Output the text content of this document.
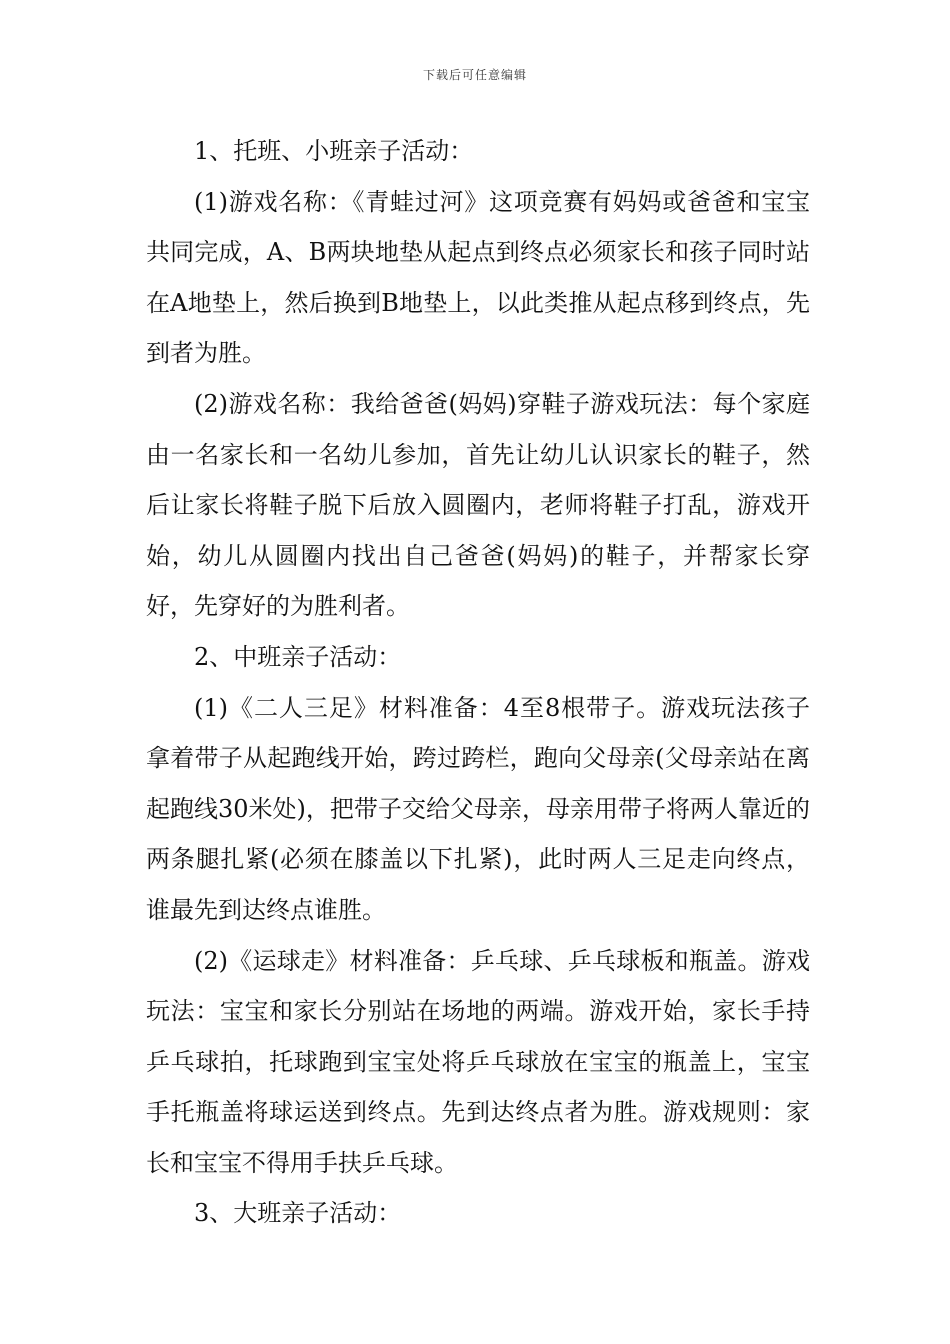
下载后可任意编辑

1、托班、小班亲子活动：

(1)游戏名称：《青蛙过河》这项竞赛有妈妈或爸爸和宝宝共同完成，A、B两块地垫从起点到终点必须家长和孩子同时站在A地垫上，然后换到B地垫上，以此类推从起点移到终点，先到者为胜。

(2)游戏名称：我给爸爸(妈妈)穿鞋子游戏玩法：每个家庭由一名家长和一名幼儿参加，首先让幼儿认识家长的鞋子，然后让家长将鞋子脱下后放入圆圈内，老师将鞋子打乱，游戏开始，幼儿从圆圈内找出自己爸爸(妈妈)的鞋子，并帮家长穿好，先穿好的为胜利者。

2、中班亲子活动：

(1)《二人三足》材料准备：4至8根带子。游戏玩法孩子拿着带子从起跑线开始，跨过跨栏，跑向父母亲(父母亲站在离起跑线30米处)，把带子交给父母亲，母亲用带子将两人靠近的两条腿扎紧(必须在膝盖以下扎紧)，此时两人三足走向终点，谁最先到达终点谁胜。

(2)《运球走》材料准备：乒乓球、乒乓球板和瓶盖。游戏玩法：宝宝和家长分别站在场地的两端。游戏开始，家长手持乒乓球拍，托球跑到宝宝处将乒乓球放在宝宝的瓶盖上，宝宝手托瓶盖将球运送到终点。先到达终点者为胜。游戏规则：家长和宝宝不得用手扶乒乓球。

3、大班亲子活动：
